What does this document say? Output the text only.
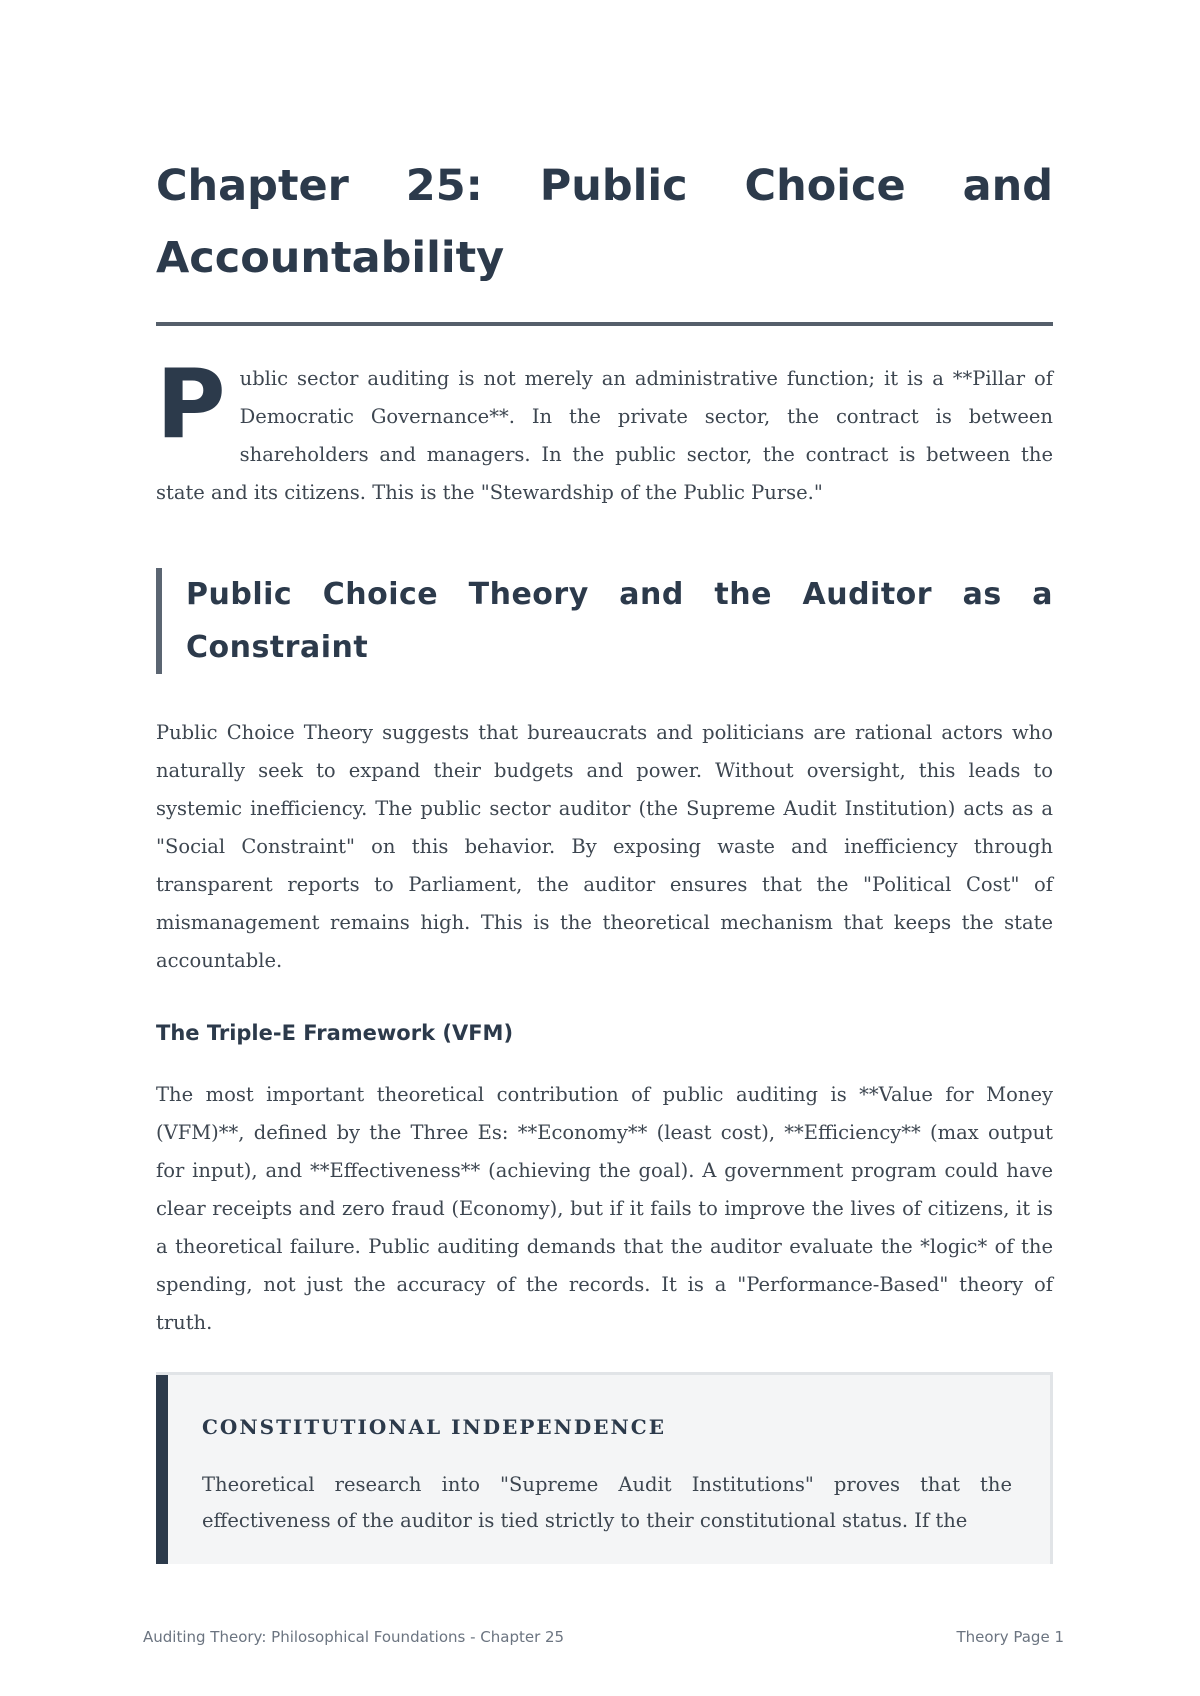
Chapter 25: Public Choice and Accountability

Public sector auditing is not merely an administrative function; it is a **Pillar of Democratic Governance**. In the private sector, the contract is between shareholders and managers. In the public sector, the contract is between the state and its citizens. This is the "Stewardship of the Public Purse."

Public Choice Theory and the Auditor as a Constraint

Public Choice Theory suggests that bureaucrats and politicians are rational actors who naturally seek to expand their budgets and power. Without oversight, this leads to systemic inefficiency. The public sector auditor (the Supreme Audit Institution) acts as a "Social Constraint" on this behavior. By exposing waste and inefficiency through transparent reports to Parliament, the auditor ensures that the "Political Cost" of mismanagement remains high. This is the theoretical mechanism that keeps the state accountable.

The Triple-E Framework (VFM)

The most important theoretical contribution of public auditing is **Value for Money (VFM)**, defined by the Three Es: **Economy** (least cost), **Efficiency** (max output for input), and **Effectiveness** (achieving the goal). A government program could have clear receipts and zero fraud (Economy), but if it fails to improve the lives of citizens, it is a theoretical failure. Public auditing demands that the auditor evaluate the *logic* of the spending, not just the accuracy of the records. It is a "Performance-Based" theory of truth.

CONSTITUTIONAL INDEPENDENCE

Theoretical research into "Supreme Audit Institutions" proves that the effectiveness of the auditor is tied strictly to their constitutional status. If the

Auditing Theory: Philosophical Foundations - Chapter 25	Theory Page 1
